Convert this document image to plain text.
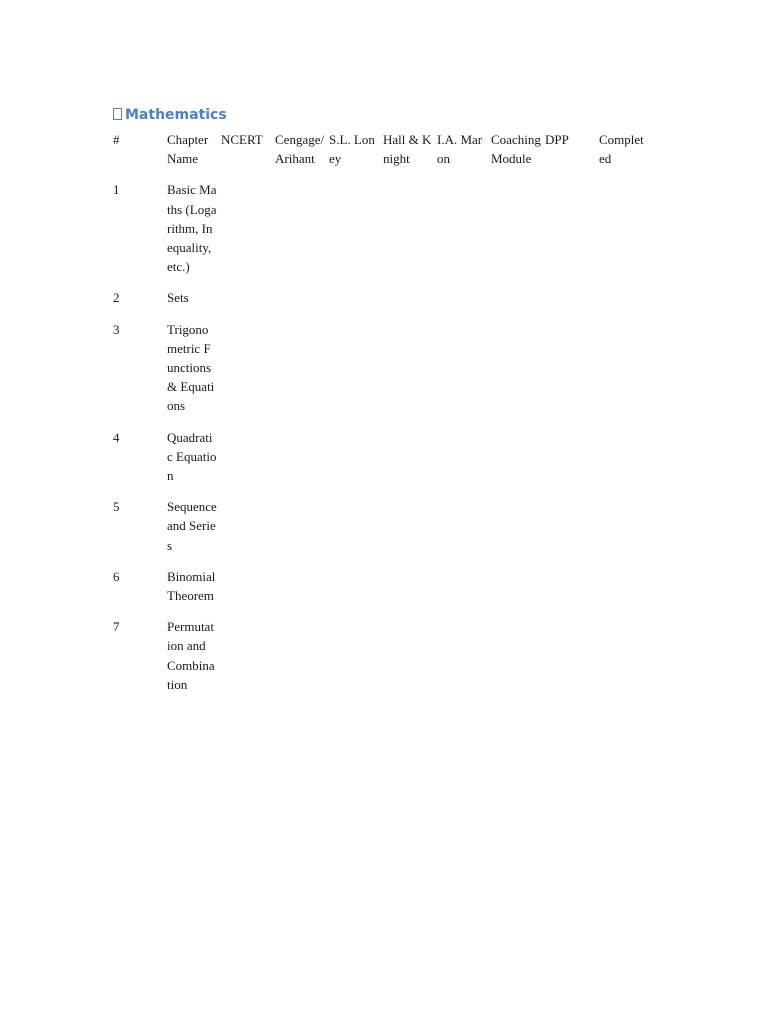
Mathematics
#	Chapter Name	NCERT	Cengage/ Arihant	S.L. Loney	Hall & Knight	I.A. Maron	Coaching Module	DPP	Completed
1	Basic Maths (Logarithm, Inequality, etc.)								
2	Sets								
3	Trigonometric Functions & Equations								
4	Quadratic Equation								
5	Sequence and Series								
6	Binomial Theorem								
7	Permutation and Combination								
